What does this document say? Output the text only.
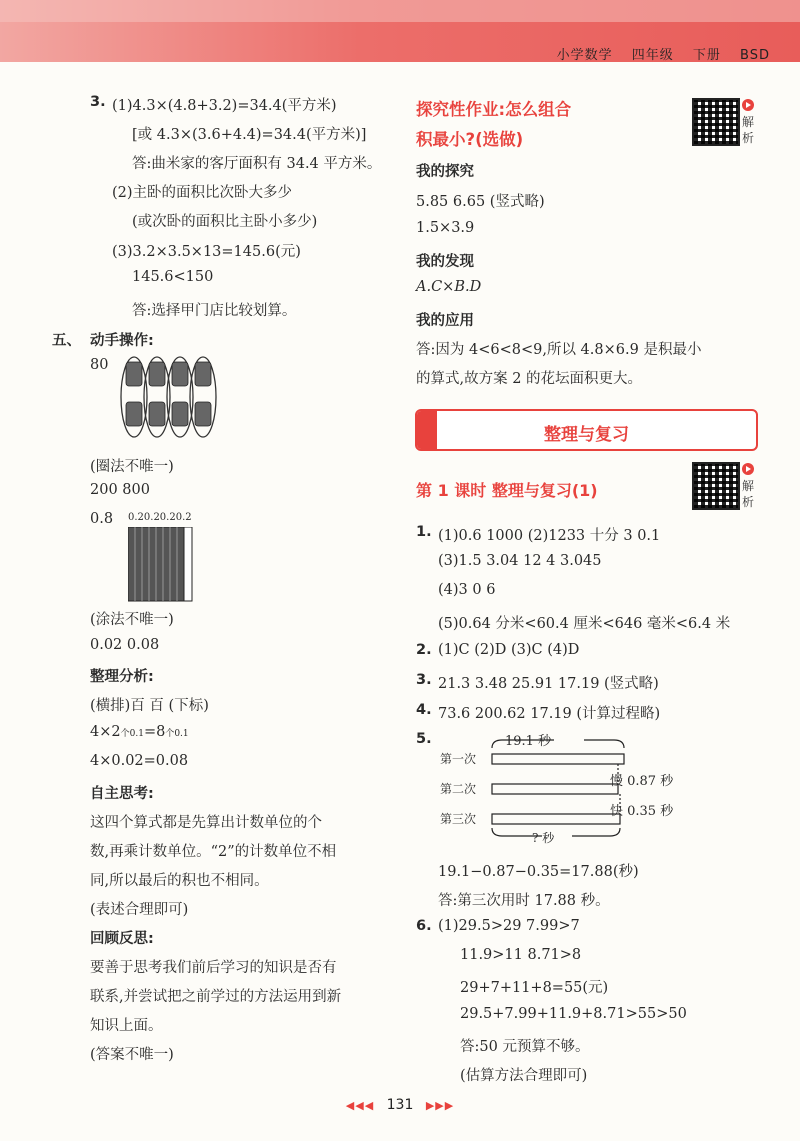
小学数学 四年级 下册 BSD
3. (1)4.3×(4.8+3.2)=34.4(平方米)
[或 4.3×(3.6+4.4)=34.4(平方米)]
答:曲米家的客厅面积有 34.4 平方米。
(2)主卧的面积比次卧大多少
(或次卧的面积比主卧小多少)
(3)3.2×3.5×13=145.6(元)
145.6<150
答:选择甲门店比较划算。
五、 动手操作:
80
(圈法不唯一)
200 800
0.8 0.20.20.20.2
(涂法不唯一)
0.02 0.08
整理分析:
(横排)百 百 (下标)
4×2个0.1=8个0.1
4×0.02=0.08
自主思考:
这四个算式都是先算出计数单位的个
数,再乘计数单位。“2”的计数单位不相
同,所以最后的积也不相同。
(表述合理即可)
回顾反思:
要善于思考我们前后学习的知识是否有
联系,并尝试把之前学过的方法运用到新
知识上面。
(答案不唯一)
探究性作业:怎么组合
积最小?(选做)
解析
我的探究
5.85 6.65 (竖式略)
1.5×3.9
我的发现
A.C×B.D
我的应用
答:因为 4<6<8<9,所以 4.8×6.9 是积最小
的算式,故方案 2 的花坛面积更大。
整理与复习
第 1 课时 整理与复习(1)	解析
1. (1)0.6 1000 (2)1233 十分 3 0.1
(3)1.5 3.04 12 4 3.045
(4)3 0 6
(5)0.64 分米<60.4 厘米<646 毫米<6.4 米
2. (1)C (2)D (3)C (4)D
3. 21.3 3.48 25.91 17.19 (竖式略)
4. 73.6 200.62 17.19 (计算过程略)
5.	19.1 秒
第一次
第二次
第三次
慢 0.87 秒
快 0.35 秒
? 秒
19.1−0.87−0.35=17.88(秒)
答:第三次用时 17.88 秒。
6. (1)29.5>29 7.99>7
11.9>11 8.71>8
29+7+11+8=55(元)
29.5+7.99+11.9+8.71>55>50
答:50 元预算不够。
(估算方法合理即可)
◀◀◀ 131 ▶▶▶
